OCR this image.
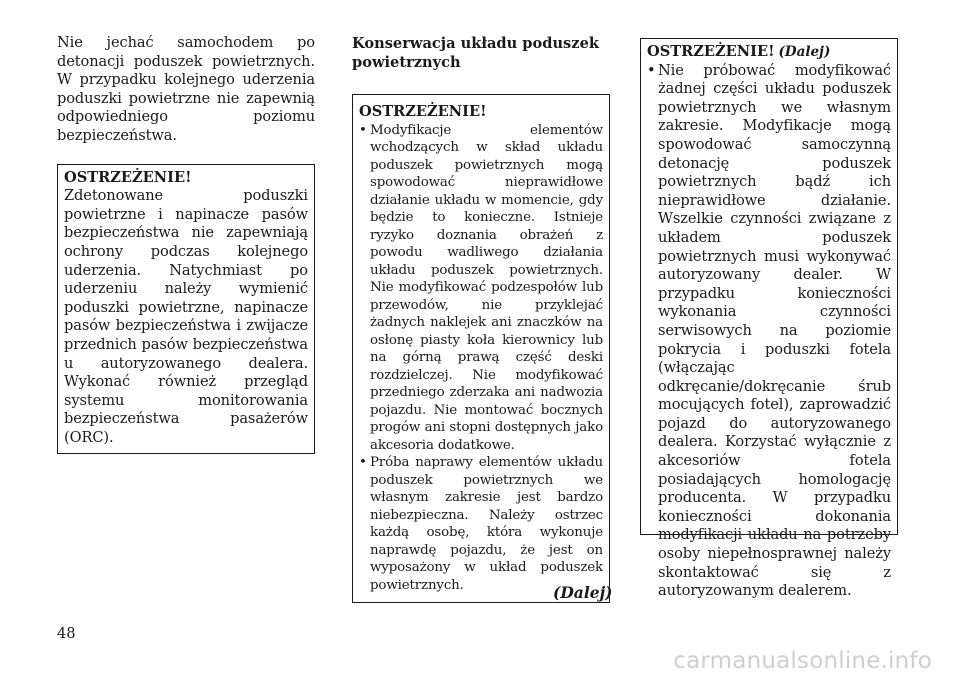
Nie jechać samochodem po detonacji poduszek powietrznych. W przypadku kolejnego uderzenia poduszki powietrzne nie zapewnią odpowiedniego poziomu bezpieczeństwa.

OSTRZEŻENIE!

Zdetonowane poduszki powietrzne i napinacze pasów bezpieczeństwa nie zapewniają ochrony podczas kolejnego uderzenia. Natychmiast po uderzeniu należy wymienić poduszki powietrzne, napinacze pasów bezpieczeństwa i zwijacze przednich pasów bezpieczeństwa u autoryzowanego dealera. Wykonać również przegląd systemu monitorowania bezpieczeństwa pasażerów (ORC).

Konserwacja układu poduszek powietrznych
OSTRZEŻENIE!
• Modyfikacje elementów wchodzących w skład układu poduszek powietrznych mogą spowodować nieprawidłowe działanie układu w momencie, gdy będzie to konieczne. Istnieje ryzyko doznania obrażeń z powodu wadliwego działania układu poduszek powietrznych. Nie modyfikować podzespołów lub przewodów, nie przyklejać żadnych naklejek ani znaczków na osłonę piasty koła kierownicy lub na górną prawą część deski rozdzielczej. Nie modyfikować przedniego zderzaka ani nadwozia pojazdu. Nie montować bocznych progów ani stopni dostępnych jako akcesoria dodatkowe.
• Próba naprawy elementów układu poduszek powietrznych we własnym zakresie jest bardzo niebezpieczna. Należy ostrzec każdą osobę, która wykonuje naprawdę pojazdu, że jest on wyposażony w układ poduszek powietrznych.	(Dalej)
OSTRZEŻENIE! (Dalej)
• Nie próbować modyfikować żadnej części układu poduszek powietrznych we własnym zakresie. Modyfikacje mogą spowodować samoczynną detonację poduszek powietrznych bądź ich nieprawidłowe działanie. Wszelkie czynności związane z układem poduszek powietrznych musi wykonywać autoryzowany dealer. W przypadku konieczności wykonania czynności serwisowych na poziomie pokrycia i poduszki fotela (włączając odkręcanie/dokręcanie śrub mocujących fotel), zaprowadzić pojazd do autoryzowanego dealera. Korzystać wyłącznie z akcesoriów fotela posiadających homologację producenta. W przypadku konieczności dokonania modyfikacji układu na potrzeby osoby niepełnosprawnej należy skontaktować się z autoryzowanym dealerem.
48
carmanualsonline.info
